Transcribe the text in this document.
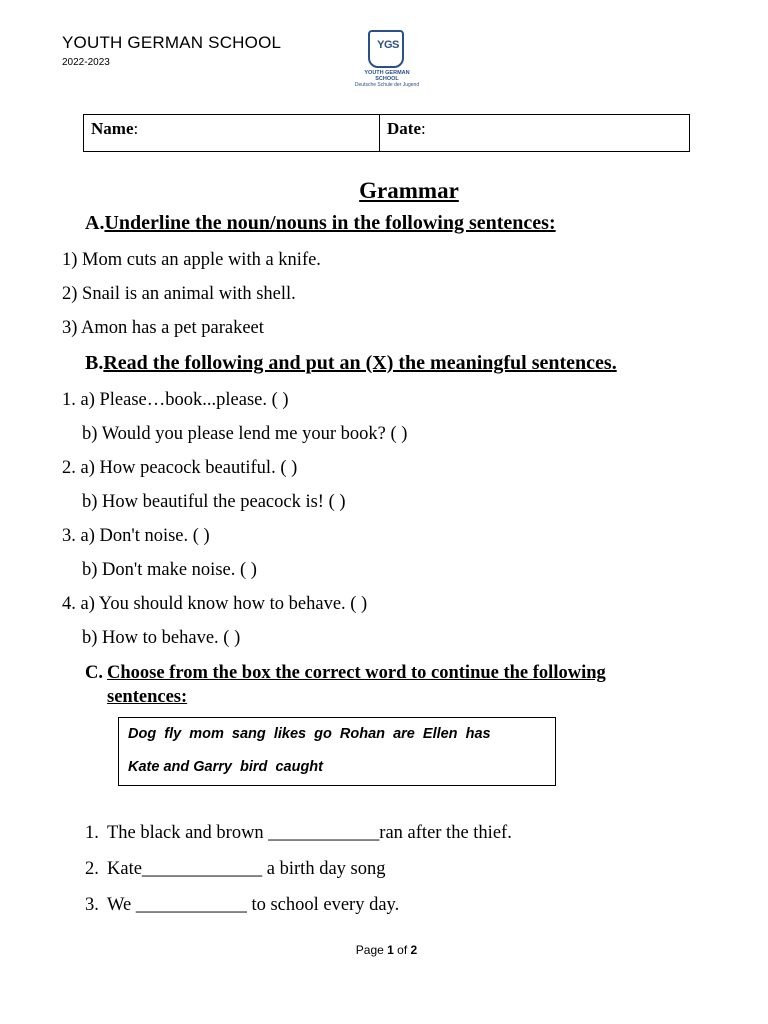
YOUTH GERMAN SCHOOL
2022-2023
YGS
YOUTH GERMAN SCHOOL
Deutsche Schule der Jugend
Name:	Date:
Grammar
A.Underline the noun/nouns in the following sentences:
1) Mom cuts an apple with a knife.
2) Snail is an animal with shell.
3) Amon has a pet parakeet
B.Read the following and put an (X) the meaningful sentences.
1. a) Please…book...please. ( )
b) Would you please lend me your book? ( )
2. a) How peacock beautiful. ( )
b) How beautiful the peacock is! ( )
3. a) Don't noise. ( )
b) Don't make noise. ( )
4. a) You should know how to behave. ( )
b) How to behave. ( )
C. Choose from the box the correct word to continue the following
sentences:
Dog  fly  mom  sang  likes  go  Rohan  are  Ellen  has
Kate and Garry  bird  caught
1. The black and brown ____________ran after the thief.
2. Kate_____________ a birth day song
3. We ____________ to school every day.
Page 1 of 2
